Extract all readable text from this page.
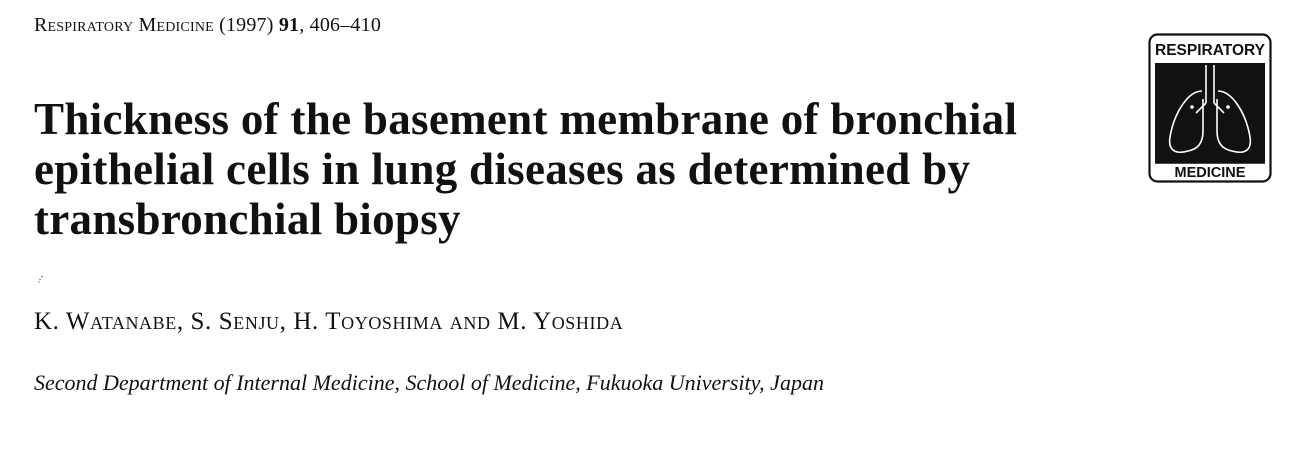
Respiratory Medicine (1997) 91, 406–410
Thickness of the basement membrane of bronchial epithelial cells in lung diseases as determined by transbronchial biopsy
K. Watanabe, S. Senju, H. Toyoshima and M. Yoshida
Second Department of Internal Medicine, School of Medicine, Fukuoka University, Japan
RESPIRATORY
MEDICINE
